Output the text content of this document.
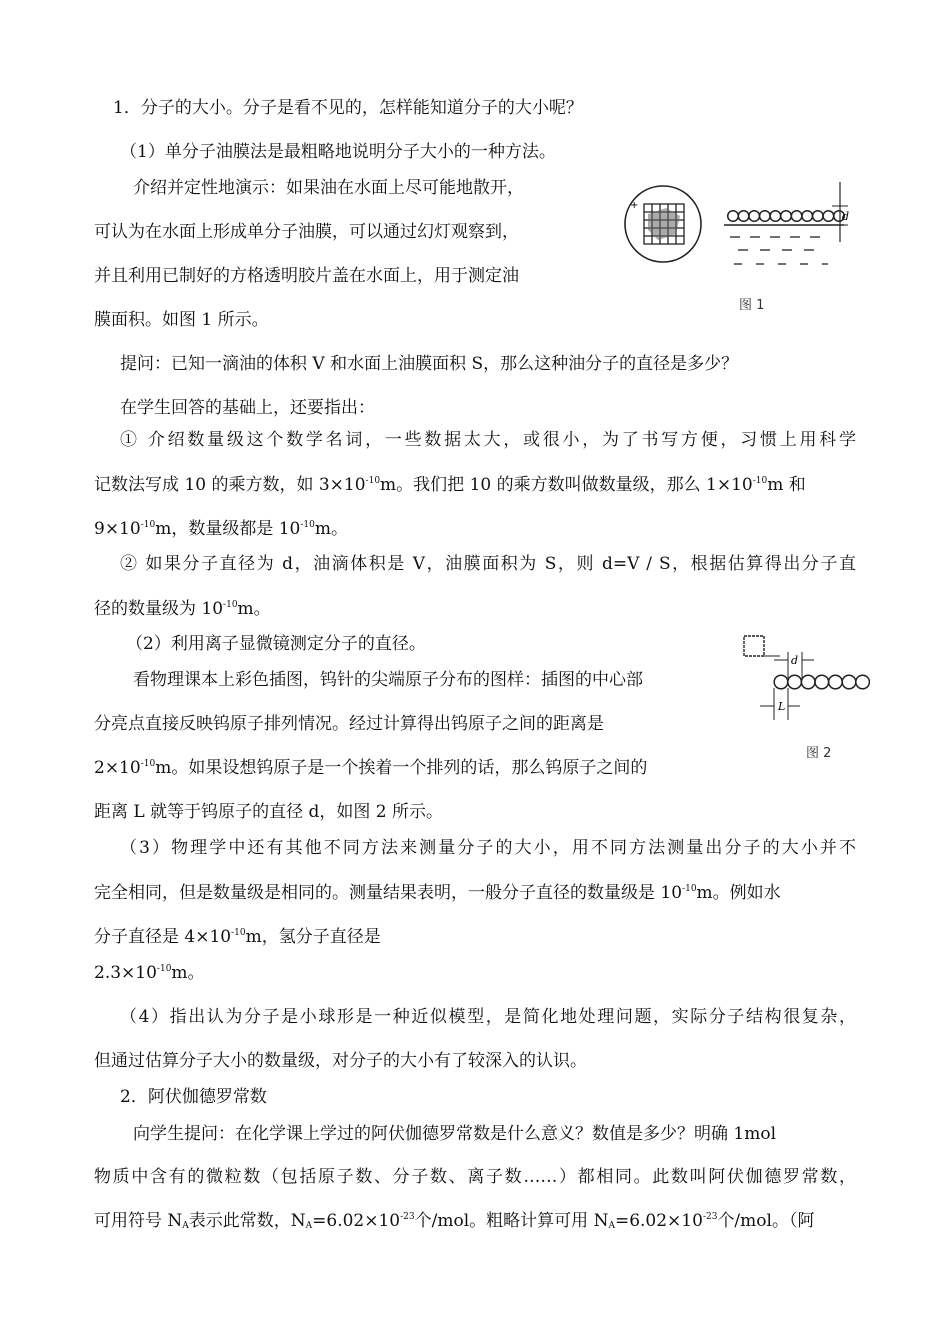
1．分子的大小。分子是看不见的，怎样能知道分子的大小呢？
（1）单分子油膜法是最粗略地说明分子大小的一种方法。
介绍并定性地演示：如果油在水面上尽可能地散开，
可认为在水面上形成单分子油膜，可以通过幻灯观察到，
并且利用已制好的方格透明胶片盖在水面上，用于测定油
膜面积。如图 1 所示。
+
d
图 1
提问：已知一滴油的体积 V 和水面上油膜面积 S，那么这种油分子的直径是多少？
在学生回答的基础上，还要指出：
① 介绍数量级这个数学名词，一些数据太大，或很小，为了书写方便，习惯上用科学
记数法写成 10 的乘方数，如 $3\times 10^{-10}m$。我们把 10 的乘方数叫做数量级，那么 $1\times 10^{-10}m$ 和
$9\times 10^{-10}m$，数量级都是 $10^{-10}m$。
② 如果分子直径为 d，油滴体积是 V，油膜面积为 S，则 d=V / S，根据估算得出分子直
径的数量级为 $10^{-10}m$。
（2）利用离子显微镜测定分子的直径。
看物理课本上彩色插图，钨针的尖端原子分布的图样：插图的中心部
分亮点直接反映钨原子排列情况。经过计算得出钨原子之间的距离是
$2\times 10^{-10}m$。如果设想钨原子是一个挨着一个排列的话，那么钨原子之间的
距离 L 就等于钨原子的直径 d，如图 2 所示。
d
L
图 2
（3）物理学中还有其他不同方法来测量分子的大小，用不同方法测量出分子的大小并不
完全相同，但是数量级是相同的。测量结果表明，一般分子直径的数量级是 $10^{-10}m$。例如水
分子直径是 $4\times 10^{-10}m$，氢分子直径是
$2.3\times 10^{-10}m$。
（4）指出认为分子是小球形是一种近似模型，是简化地处理问题，实际分子结构很复杂，
但通过估算分子大小的数量级，对分子的大小有了较深入的认识。
2．阿伏伽德罗常数
向学生提问：在化学课上学过的阿伏伽德罗常数是什么意义？数值是多少？明确 1mol
物质中含有的微粒数（包括原子数、分子数、离子数……）都相同。此数叫阿伏伽德罗常数，
可用符号 $N_A$表示此常数，$N_A=6.02\times 10^{-23}$个/mol。粗略计算可用 $N_A=6.02\times 10^{-23}$个/mol。（阿
